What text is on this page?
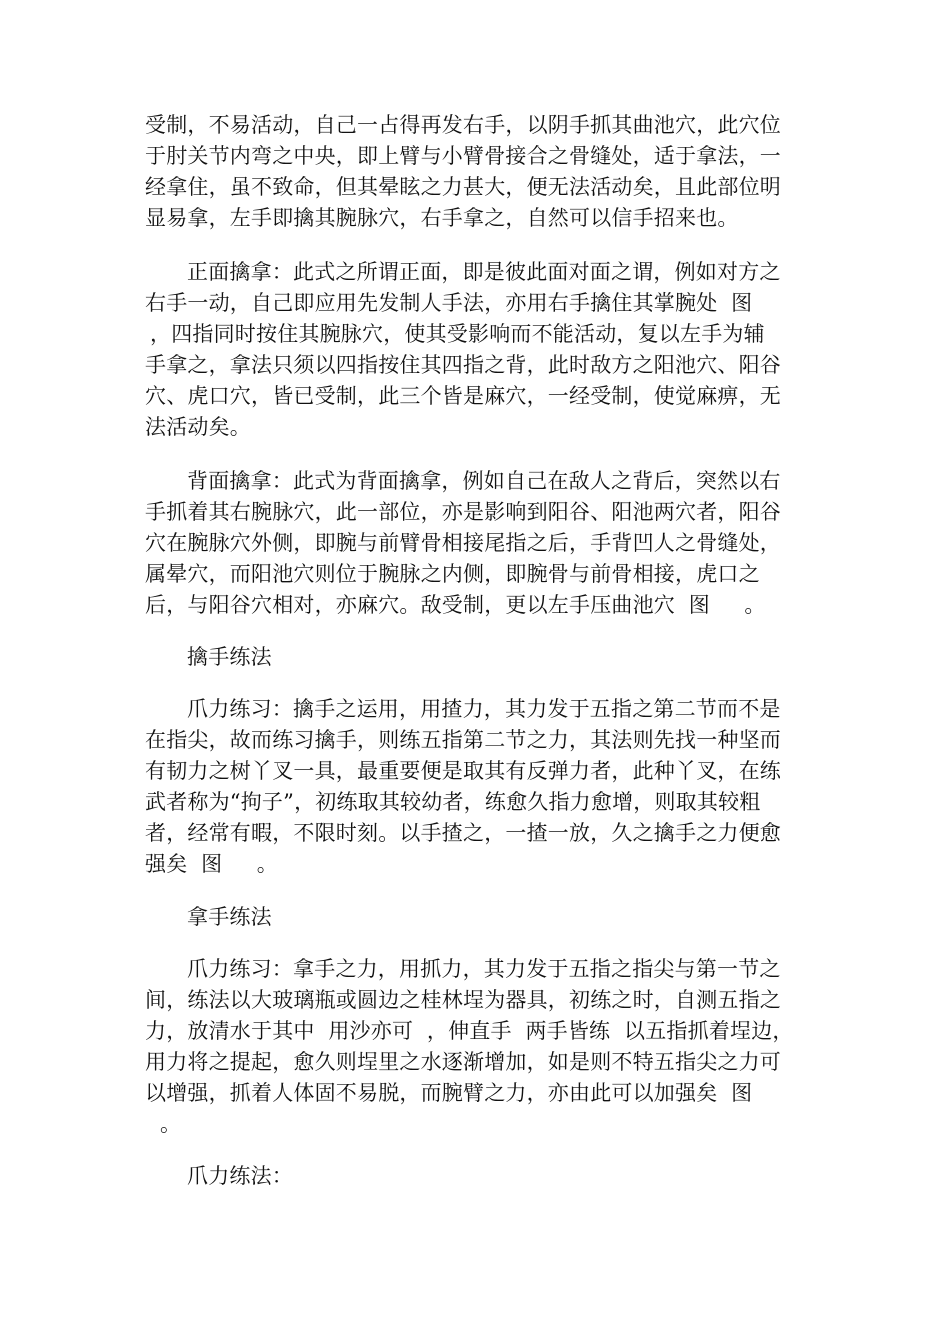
受制，不易活动，自己一占得再发右手，以阴手抓其曲池穴，此穴位
于肘关节内弯之中央，即上臂与小臂骨接合之骨缝处，适于拿法，一
经拿住，虽不致命，但其晕眩之力甚大，便无法活动矣，且此部位明
显易拿，左手即擒其腕脉穴，右手拿之，自然可以信手招来也。
正面擒拿：此式之所谓正面，即是彼此面对面之谓，例如对方之
右手一动，自己即应用先发制人手法，亦用右手擒住其掌腕处  图
，四指同时按住其腕脉穴，使其受影响而不能活动，复以左手为辅
手拿之，拿法只须以四指按住其四指之背，此时敌方之阳池穴、阳谷
穴、虎口穴，皆已受制，此三个皆是麻穴，一经受制，使觉麻痹，无
法活动矣。
背面擒拿：此式为背面擒拿，例如自己在敌人之背后，突然以右
手抓着其右腕脉穴，此一部位，亦是影响到阳谷、阳池两穴者，阳谷
穴在腕脉穴外侧，即腕与前臂骨相接尾指之后，手背凹人之骨缝处，
属晕穴，而阳池穴则位于腕脉之内侧，即腕骨与前骨相接，虎口之
后，与阳谷穴相对，亦麻穴。敌受制，更以左手压曲池穴  图     。
擒手练法
爪力练习：擒手之运用，用揸力，其力发于五指之第二节而不是
在指尖，故而练习擒手，则练五指第二节之力，其法则先找一种坚而
有韧力之树丫叉一具，最重要便是取其有反弹力者，此种丫叉，在练
武者称为“拘子”，初练取其较幼者，练愈久指力愈增，则取其较粗
者，经常有暇，不限时刻。以手揸之，一揸一放，久之擒手之力便愈
强矣  图     。
拿手练法
爪力练习：拿手之力，用抓力，其力发于五指之指尖与第一节之
间，练法以大玻璃瓶或圆边之桂林埕为器具，初练之时，自测五指之
力，放清水于其中  用沙亦可  ，伸直手  两手皆练  以五指抓着埕边，
用力将之提起，愈久则埕里之水逐渐增加，如是则不特五指尖之力可
以增强，抓着人体固不易脱，而腕臂之力，亦由此可以加强矣  图
。
爪力练法：
